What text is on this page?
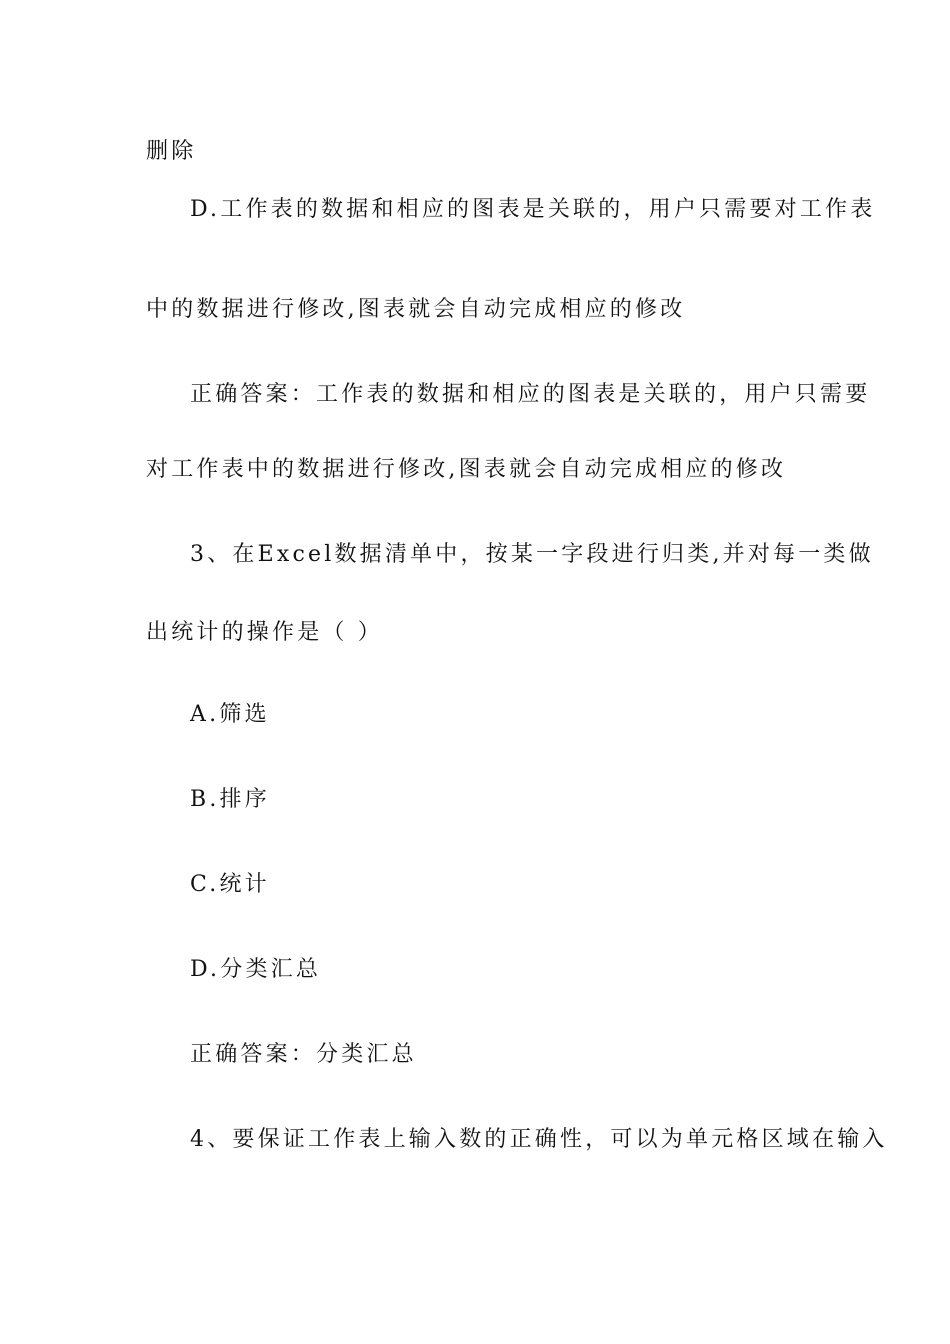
删除
D.工作表的数据和相应的图表是关联的，用户只需要对工作表
中的数据进行修改,图表就会自动完成相应的修改
正确答案：工作表的数据和相应的图表是关联的，用户只需要
对工作表中的数据进行修改,图表就会自动完成相应的修改
3、在Excel数据清单中，按某一字段进行归类,并对每一类做
出统计的操作是（ ）
A.筛选
B.排序
C.统计
D.分类汇总
正确答案：分类汇总
4、要保证工作表上输入数的正确性，可以为单元格区域在输入
